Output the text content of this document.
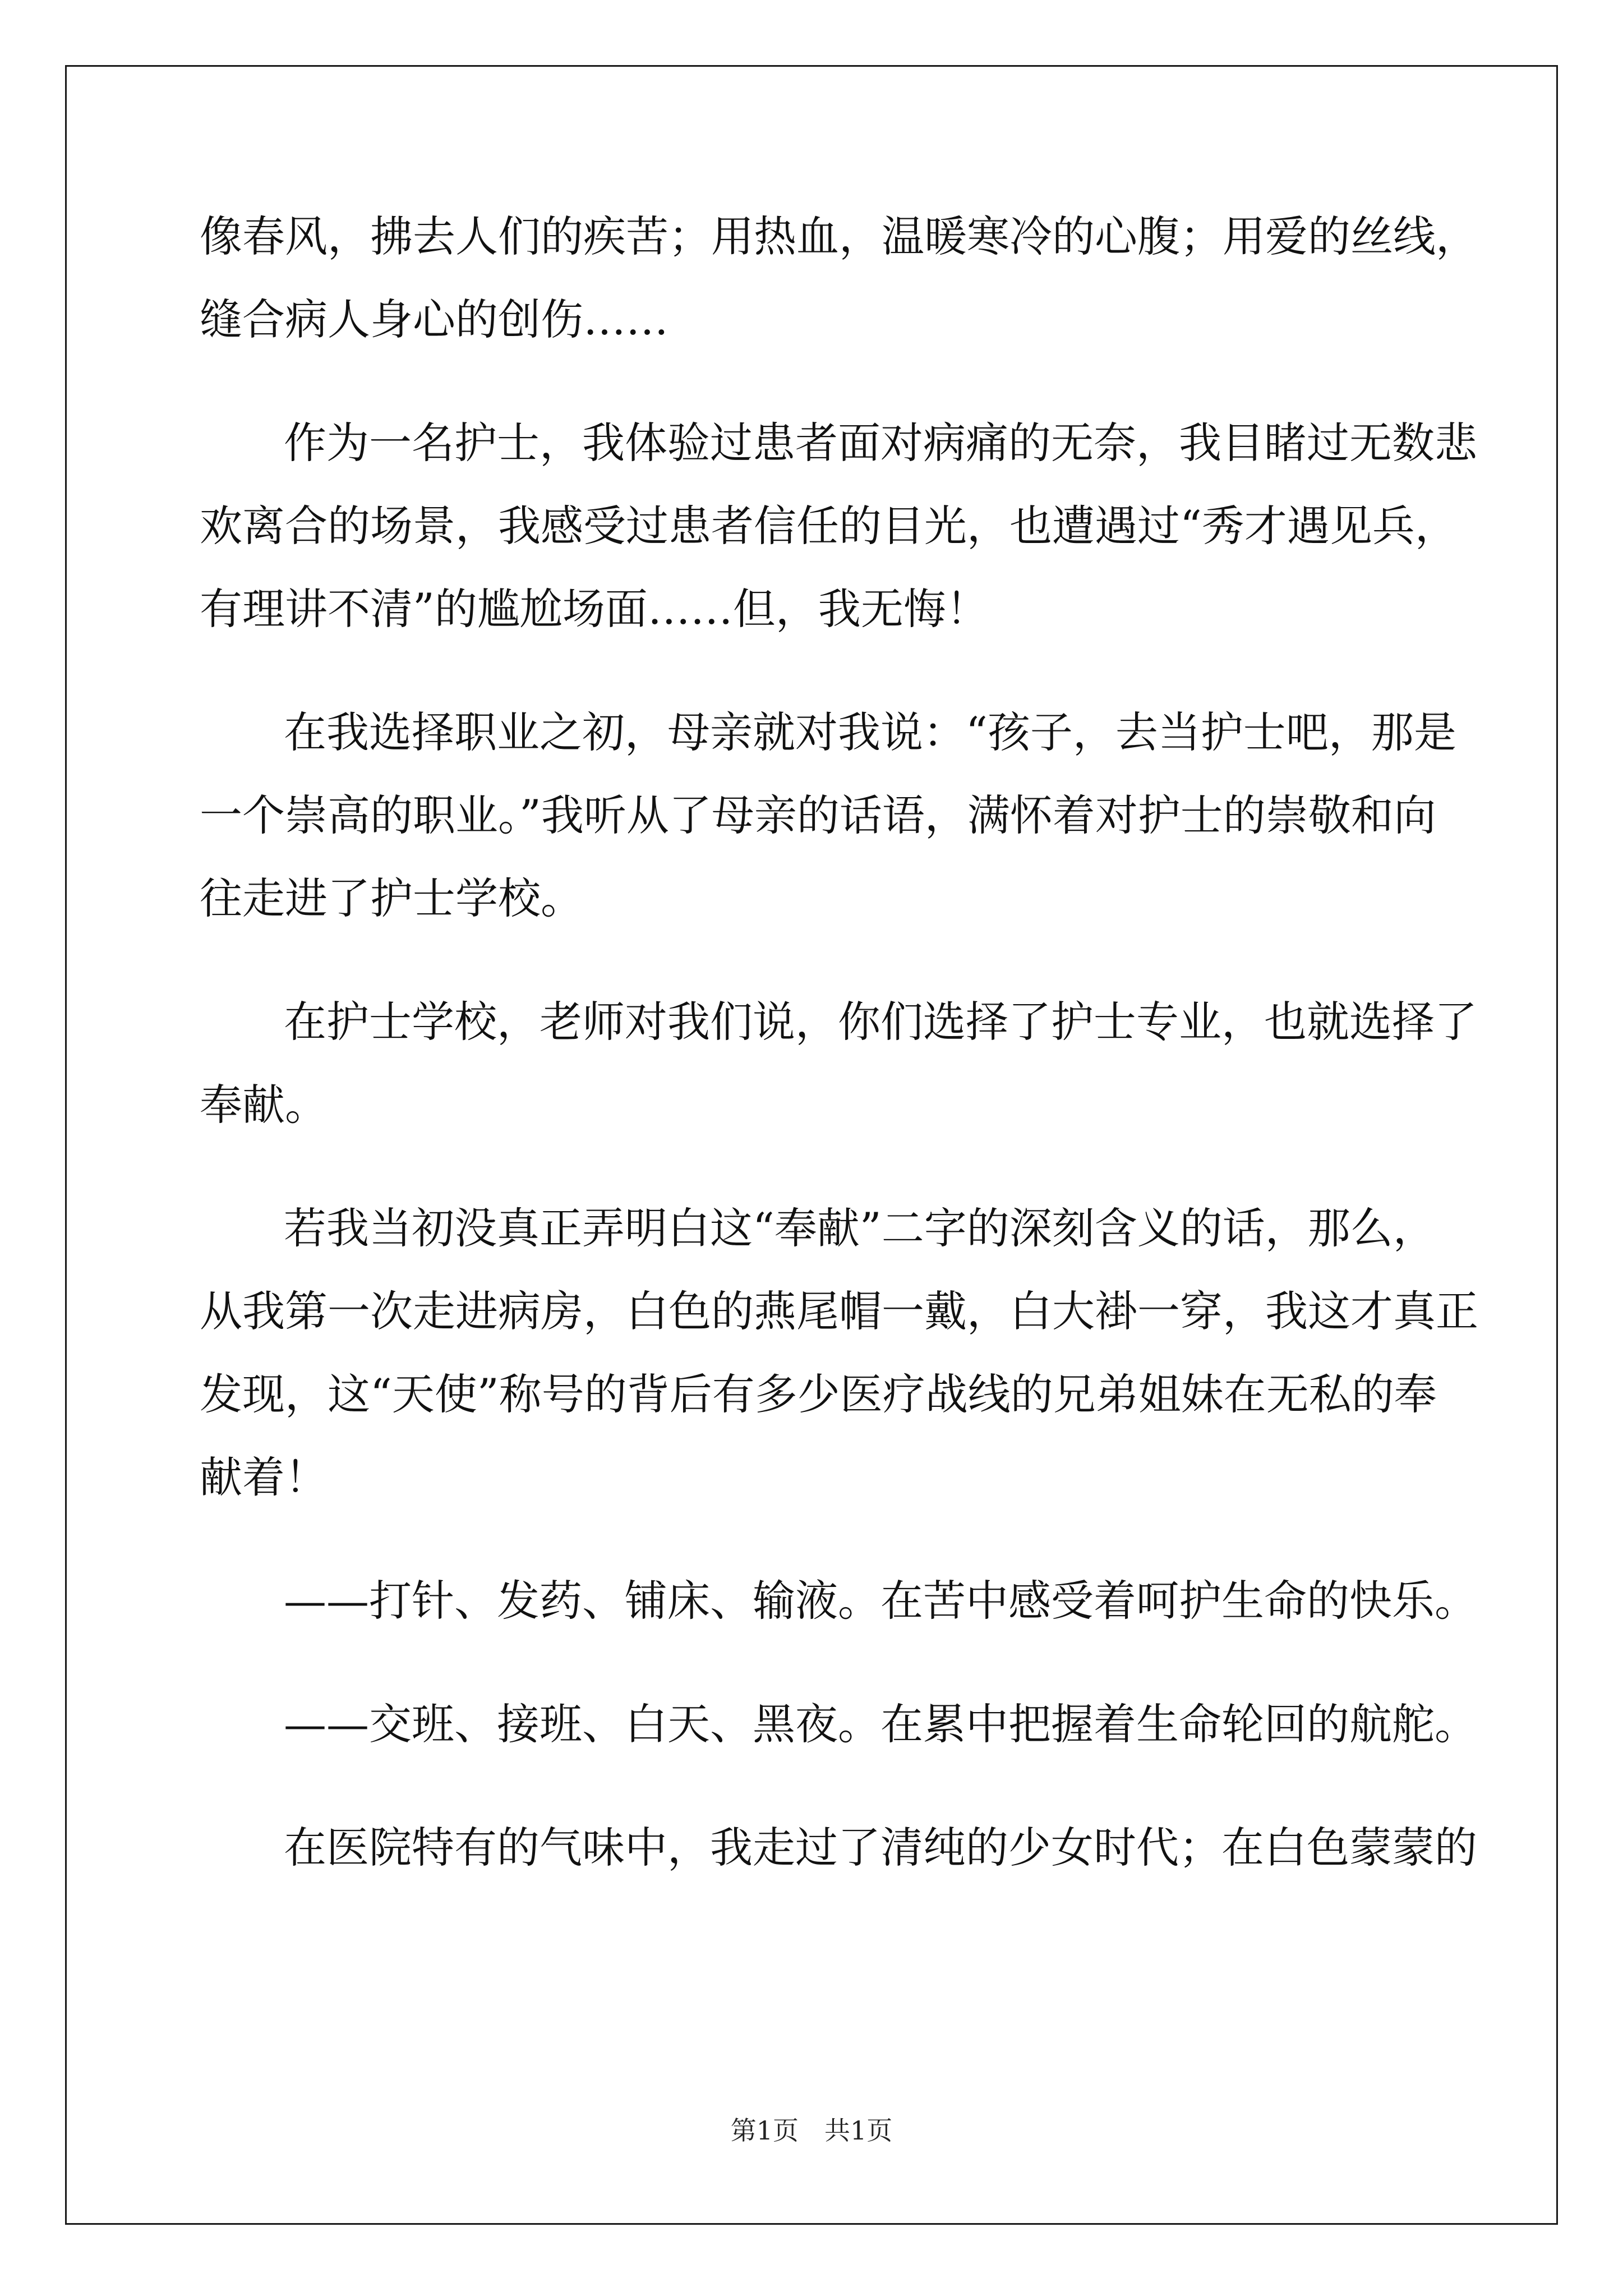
像春风，拂去人们的疾苦；用热血，温暖寒冷的心腹；用爱的丝线，
缝合病人身心的创伤……
作为一名护士，我体验过患者面对病痛的无奈，我目睹过无数悲
欢离合的场景，我感受过患者信任的目光，也遭遇过“秀才遇见兵，
有理讲不清”的尴尬场面……但，我无悔！
在我选择职业之初，母亲就对我说：“孩子，去当护士吧，那是
一个崇高的职业。”我听从了母亲的话语，满怀着对护士的崇敬和向
往走进了护士学校。
在护士学校，老师对我们说，你们选择了护士专业，也就选择了
奉献。
若我当初没真正弄明白这“奉献”二字的深刻含义的话，那么，
从我第一次走进病房，白色的燕尾帽一戴，白大褂一穿，我这才真正
发现，这“天使”称号的背后有多少医疗战线的兄弟姐妹在无私的奉
献着！
——打针、发药、铺床、输液。在苦中感受着呵护生命的快乐。
——交班、接班、白天、黑夜。在累中把握着生命轮回的航舵。
在医院特有的气味中，我走过了清纯的少女时代；在白色蒙蒙的
第1页　共1页
